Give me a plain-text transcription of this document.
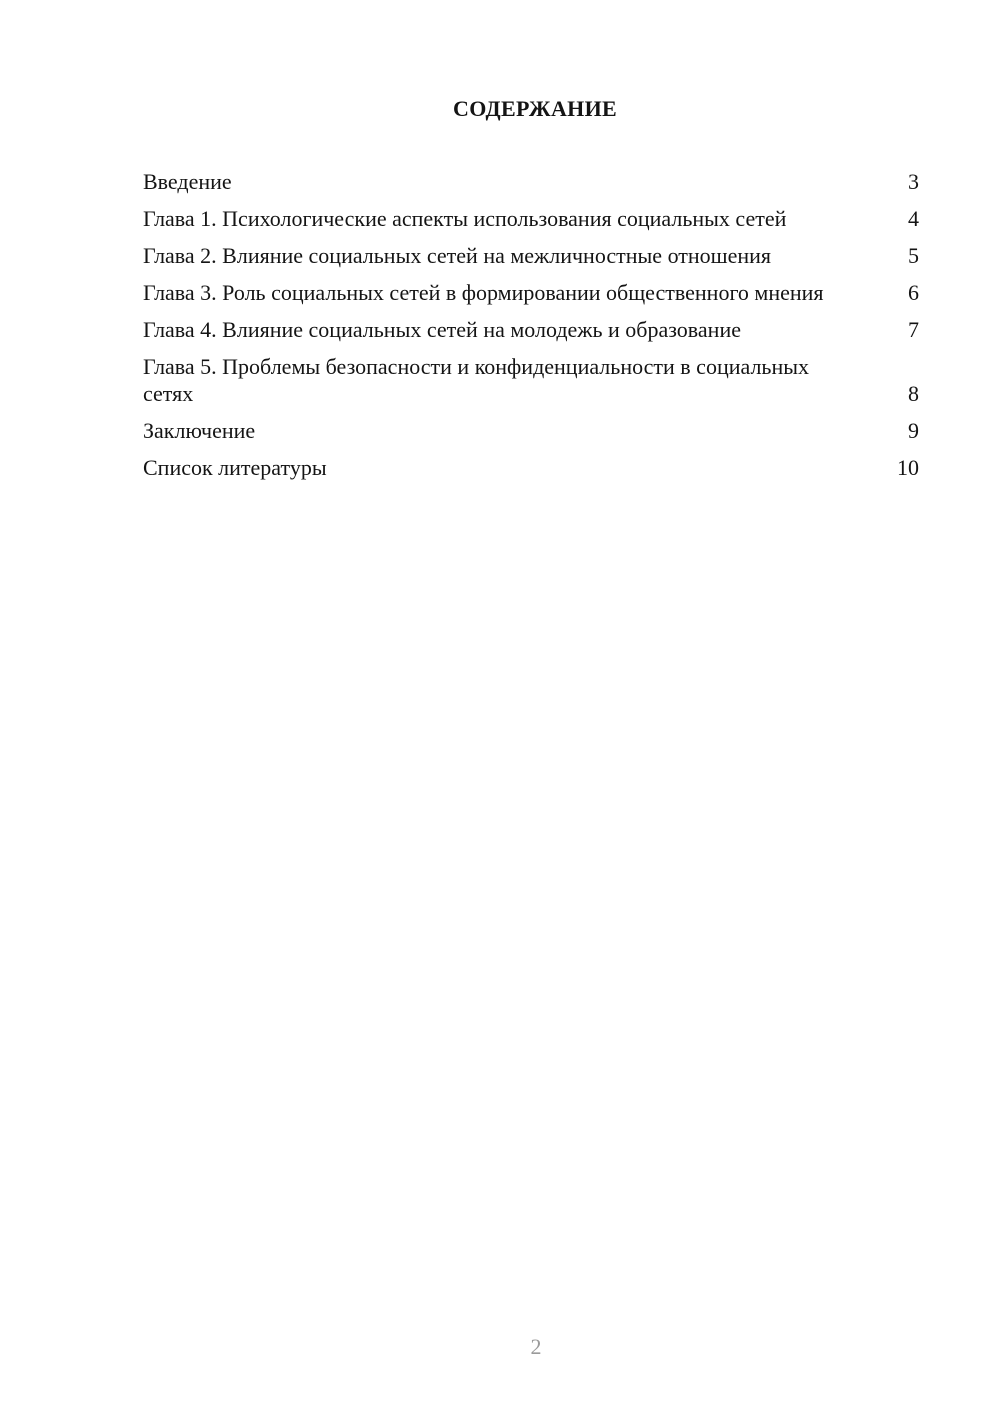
СОДЕРЖАНИЕ
Введение	3
Глава 1. Психологические аспекты использования социальных сетей	4
Глава 2. Влияние социальных сетей на межличностные отношения	5
Глава 3. Роль социальных сетей в формировании общественного мнения	6
Глава 4. Влияние социальных сетей на молодежь и образование	7
Глава 5. Проблемы безопасности и конфиденциальности в социальных сетях	8
Заключение	9
Список литературы	10
2
